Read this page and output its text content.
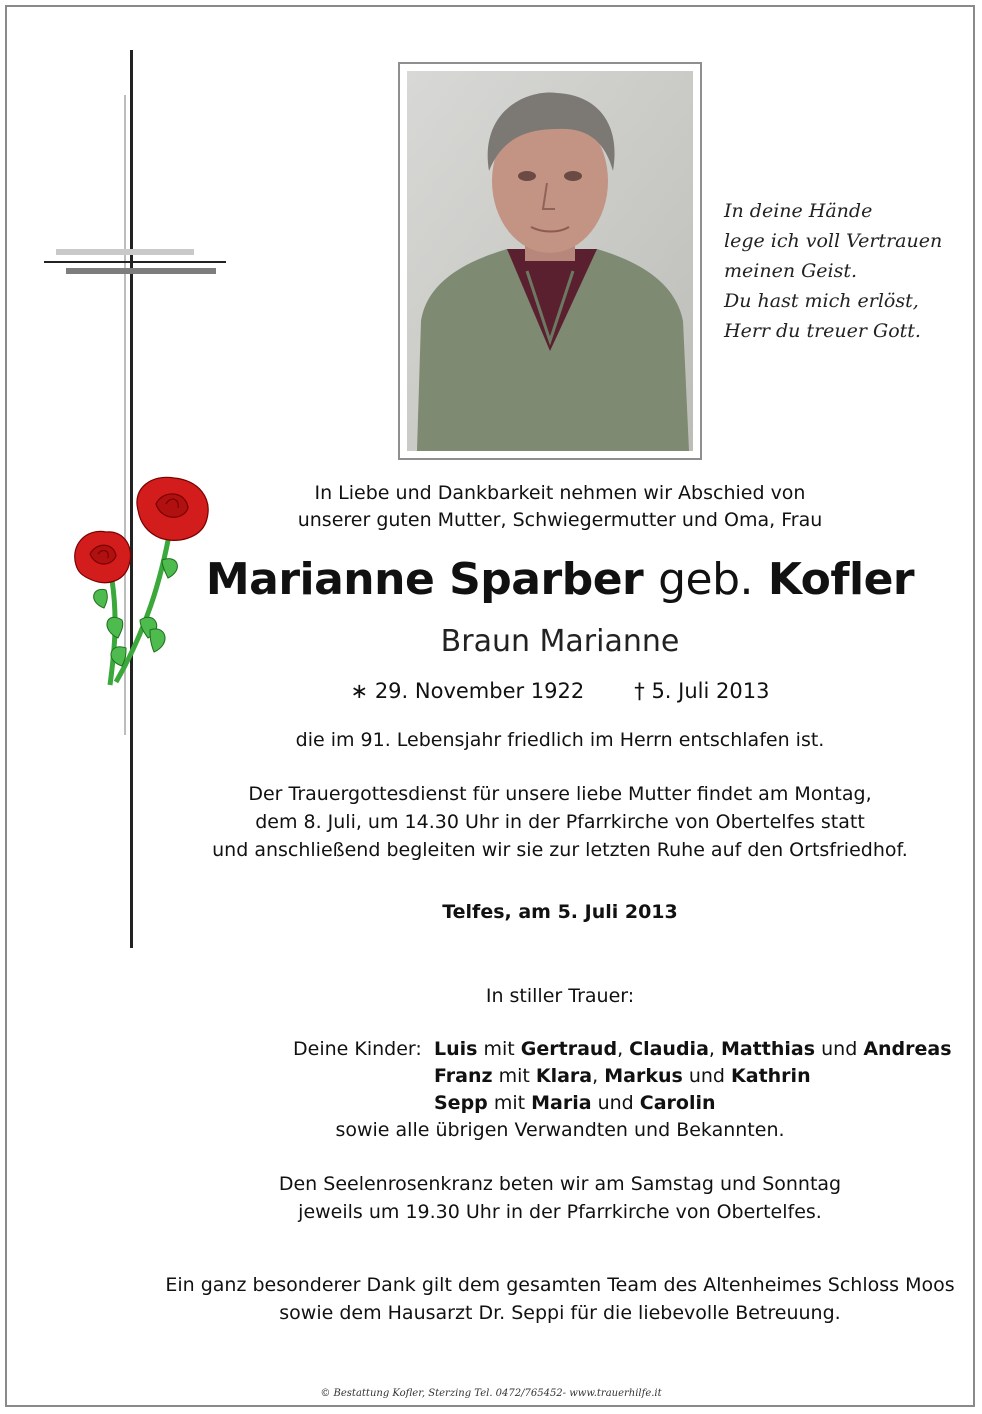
In deine Hände
lege ich voll Vertrauen
meinen Geist.
Du hast mich erlöst,
Herr du treuer Gott.
In Liebe und Dankbarkeit nehmen wir Abschied von
unserer guten Mutter, Schwiegermutter und Oma, Frau
Marianne Sparber geb. Kofler
Braun Marianne
∗ 29. November 1922 † 5. Juli 2013
die im 91. Lebensjahr friedlich im Herrn entschlafen ist.
Der Trauergottesdienst für unsere liebe Mutter findet am Montag,
dem 8. Juli, um 14.30 Uhr in der Pfarrkirche von Obertelfes statt
und anschließend begleiten wir sie zur letzten Ruhe auf den Ortsfriedhof.
Telfes, am 5. Juli 2013
In stiller Trauer:
Deine Kinder: Luis mit Gertraud, Claudia, Matthias und Andreas
Franz mit Klara, Markus und Kathrin
Sepp mit Maria und Carolin
sowie alle übrigen Verwandten und Bekannten.
Den Seelenrosenkranz beten wir am Samstag und Sonntag
jeweils um 19.30 Uhr in der Pfarrkirche von Obertelfes.
Ein ganz besonderer Dank gilt dem gesamten Team des Altenheimes Schloss Moos
sowie dem Hausarzt Dr. Seppi für die liebevolle Betreuung.
© Bestattung Kofler, Sterzing Tel. 0472/765452- www.trauerhilfe.it
